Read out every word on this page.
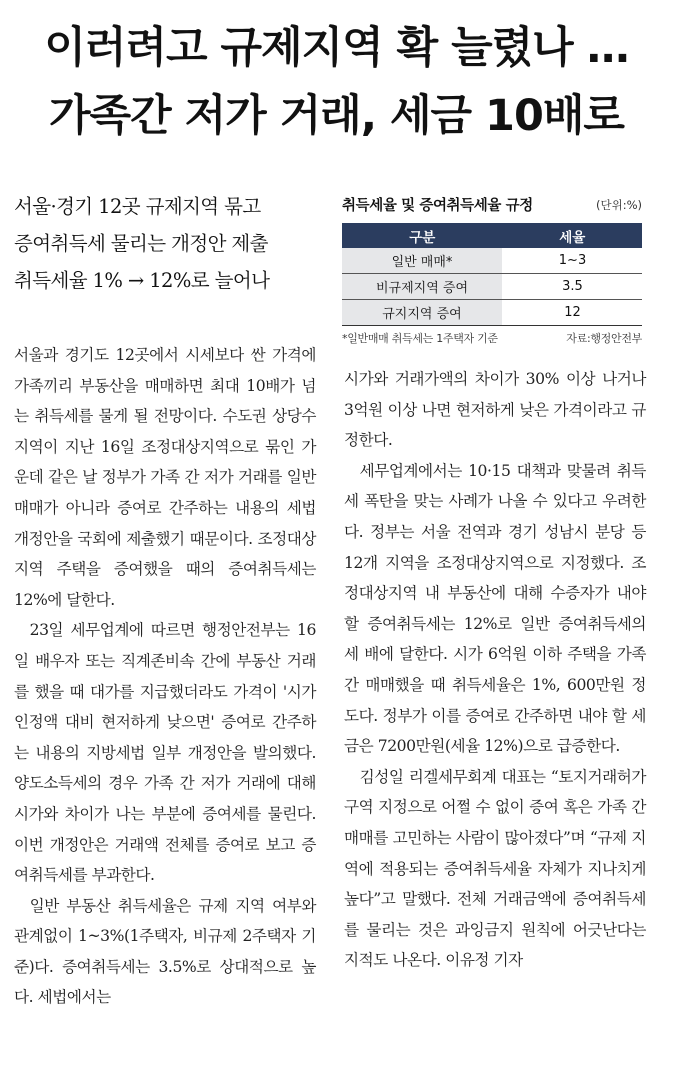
이러려고 규제지역 확 늘렸나 …
가족간 저가 거래, 세금 10배로
서울·경기 12곳 규제지역 묶고
증여취득세 물리는 개정안 제출
취득세율 1% → 12%로 늘어나
취득세율 및 증여취득세율 규정	(단위:%)
구분	세율
일반 매매*	1~3
비규제지역 증여	3.5
규지지역 증여	12
*일반매매 취득세는 1주택자 기준	자료:행정안전부

서울과 경기도 12곳에서 시세보다 싼 가격에 가족끼리 부동산을 매매하면 최대 10배가 넘는 취득세를 물게 될 전망이다. 수도권 상당수 지역이 지난 16일 조정대상지역으로 묶인 가운데 같은 날 정부가 가족 간 저가 거래를 일반 매매가 아니라 증여로 간주하는 내용의 세법 개정안을 국회에 제출했기 때문이다. 조정대상지역 주택을 증여했을 때의 증여취득세는 12%에 달한다.

23일 세무업계에 따르면 행정안전부는 16일 배우자 또는 직계존비속 간에 부동산 거래를 했을 때 대가를 지급했더라도 가격이 '시가 인정액 대비 현저하게 낮으면' 증여로 간주하는 내용의 지방세법 일부 개정안을 발의했다. 양도소득세의 경우 가족 간 저가 거래에 대해 시가와 차이가 나는 부분에 증여세를 물린다. 이번 개정안은 거래액 전체를 증여로 보고 증여취득세를 부과한다.

일반 부동산 취득세율은 규제 지역 여부와 관계없이 1~3%(1주택자, 비규제 2주택자 기준)다. 증여취득세는 3.5%로 상대적으로 높다. 세법에서는

시가와 거래가액의 차이가 30% 이상 나거나 3억원 이상 나면 현저하게 낮은 가격이라고 규정한다.

세무업계에서는 10·15 대책과 맞물려 취득세 폭탄을 맞는 사례가 나올 수 있다고 우려한다. 정부는 서울 전역과 경기 성남시 분당 등 12개 지역을 조정대상지역으로 지정했다. 조정대상지역 내 부동산에 대해 수증자가 내야 할 증여취득세는 12%로 일반 증여취득세의 세 배에 달한다. 시가 6억원 이하 주택을 가족 간 매매했을 때 취득세율은 1%, 600만원 정도다. 정부가 이를 증여로 간주하면 내야 할 세금은 7200만원(세율 12%)으로 급증한다.

김성일 리겔세무회계 대표는 “토지거래허가구역 지정으로 어쩔 수 없이 증여 혹은 가족 간 매매를 고민하는 사람이 많아졌다”며 “규제 지역에 적용되는 증여취득세율 자체가 지나치게 높다”고 말했다. 전체 거래금액에 증여취득세를 물리는 것은 과잉금지 원칙에 어긋난다는 지적도 나온다. 이유정 기자
